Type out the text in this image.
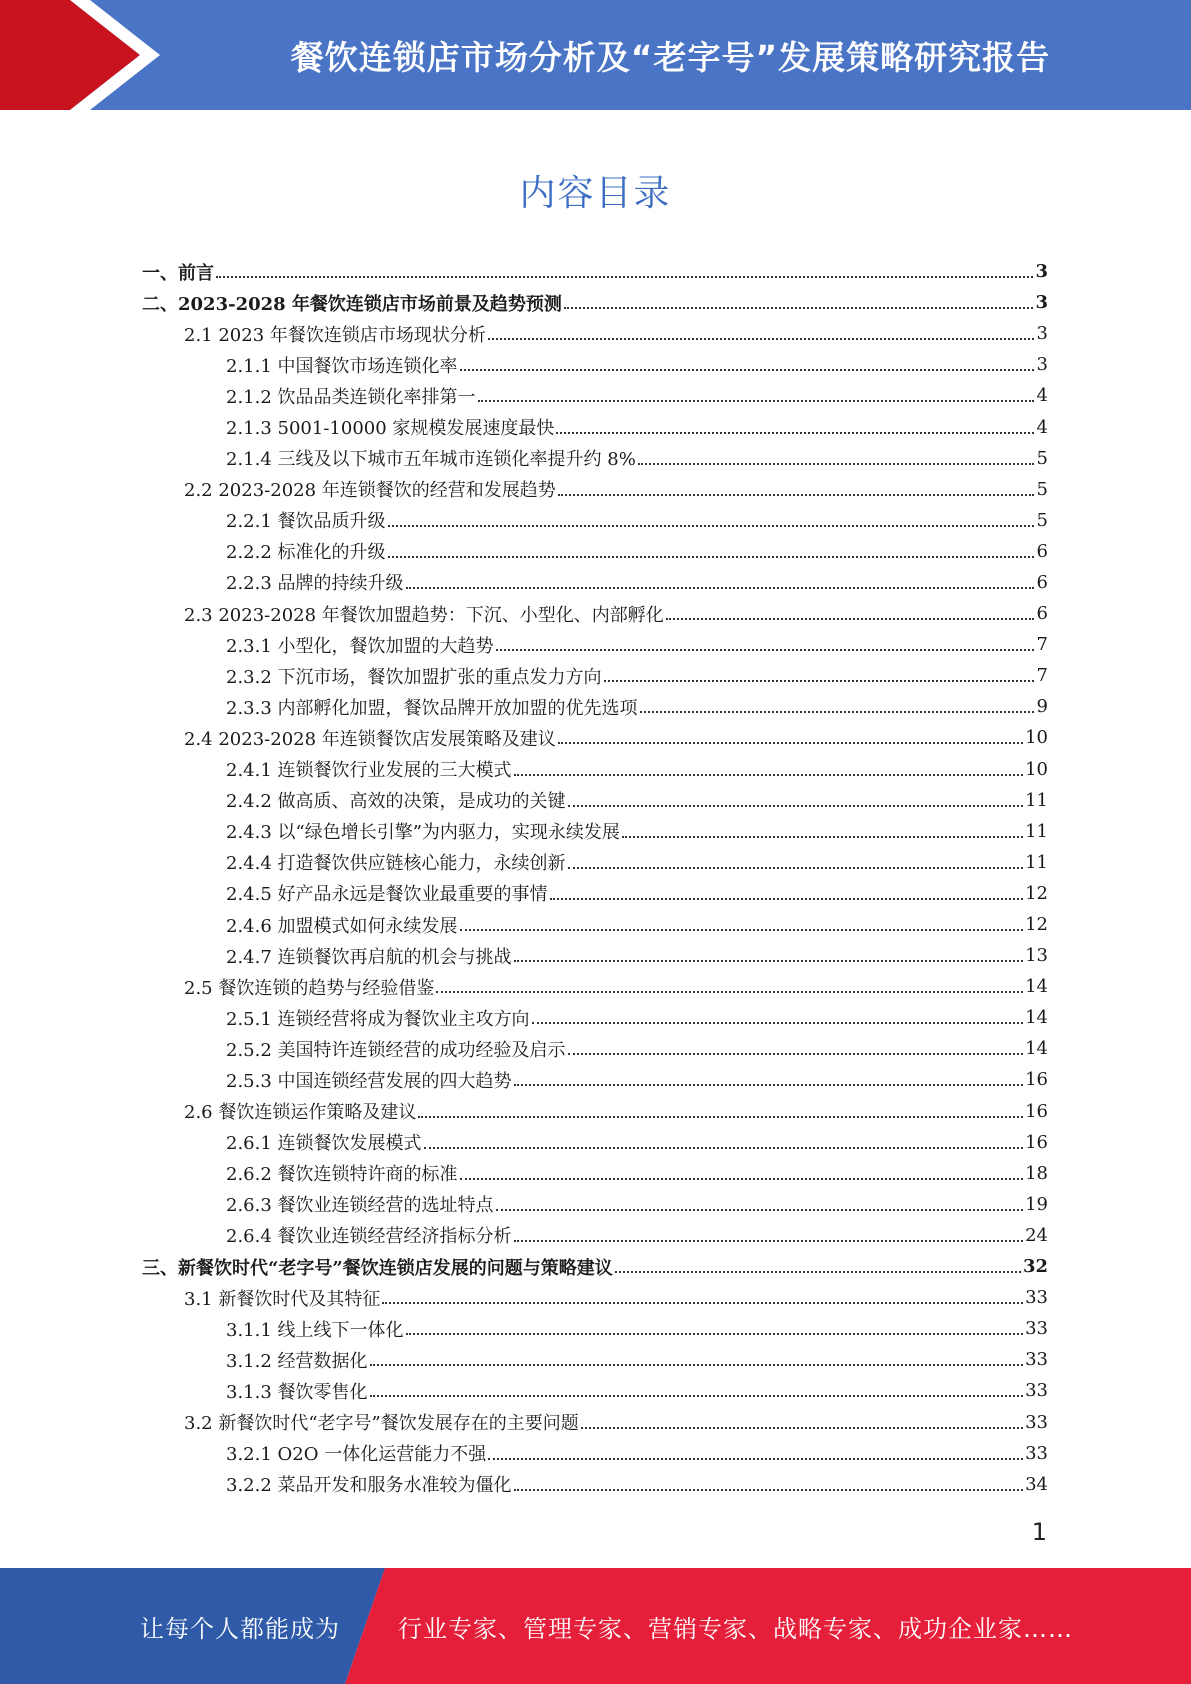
餐饮连锁店市场分析及“老字号”发展策略研究报告
内容目录
一、前言	3
二、2023-2028 年餐饮连锁店市场前景及趋势预测	3
2.1 2023 年餐饮连锁店市场现状分析	3
2.1.1 中国餐饮市场连锁化率	3
2.1.2 饮品品类连锁化率排第一	4
2.1.3 5001-10000 家规模发展速度最快	4
2.1.4 三线及以下城市五年城市连锁化率提升约 8%	5
2.2 2023-2028 年连锁餐饮的经营和发展趋势	5
2.2.1 餐饮品质升级	5
2.2.2 标准化的升级	6
2.2.3 品牌的持续升级	6
2.3 2023-2028 年餐饮加盟趋势：下沉、小型化、内部孵化	6
2.3.1 小型化，餐饮加盟的大趋势	7
2.3.2 下沉市场，餐饮加盟扩张的重点发力方向	7
2.3.3 内部孵化加盟，餐饮品牌开放加盟的优先选项	9
2.4 2023-2028 年连锁餐饮店发展策略及建议	10
2.4.1 连锁餐饮行业发展的三大模式	10
2.4.2 做高质、高效的决策，是成功的关键	11
2.4.3 以“绿色增长引擎”为内驱力，实现永续发展	11
2.4.4 打造餐饮供应链核心能力，永续创新	11
2.4.5 好产品永远是餐饮业最重要的事情	12
2.4.6 加盟模式如何永续发展	12
2.4.7 连锁餐饮再启航的机会与挑战	13
2.5 餐饮连锁的趋势与经验借鉴	14
2.5.1 连锁经营将成为餐饮业主攻方向	14
2.5.2 美国特许连锁经营的成功经验及启示	14
2.5.3 中国连锁经营发展的四大趋势	16
2.6 餐饮连锁运作策略及建议	16
2.6.1 连锁餐饮发展模式	16
2.6.2 餐饮连锁特许商的标准	18
2.6.3 餐饮业连锁经营的选址特点	19
2.6.4 餐饮业连锁经营经济指标分析	24
三、新餐饮时代“老字号”餐饮连锁店发展的问题与策略建议	32
3.1 新餐饮时代及其特征	33
3.1.1 线上线下一体化	33
3.1.2 经营数据化	33
3.1.3 餐饮零售化	33
3.2 新餐饮时代“老字号”餐饮发展存在的主要问题	33
3.2.1 O2O 一体化运营能力不强	33
3.2.2 菜品开发和服务水准较为僵化	34
1
让每个人都能成为 行业专家、管理专家、营销专家、战略专家、成功企业家……
